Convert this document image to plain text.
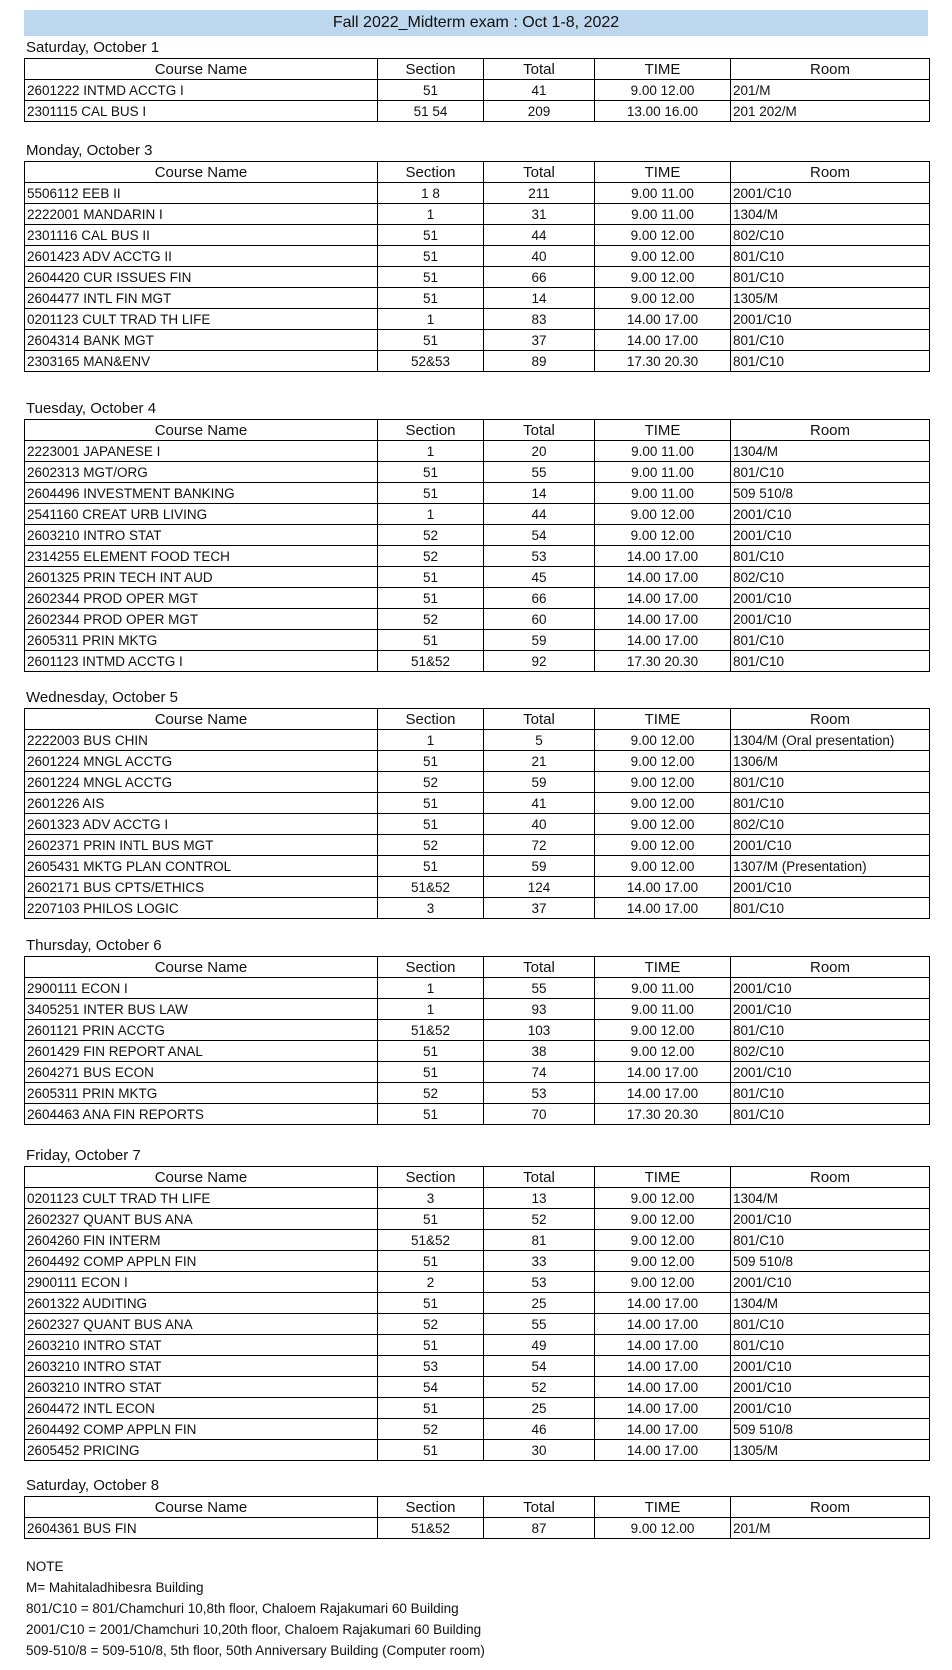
Fall 2022_Midterm exam : Oct 1-8, 2022
Saturday, October 1
Course Name	Section	Total	TIME	Room
2601222 INTMD ACCTG I	51	41	9.00 12.00	201/M
2301115 CAL BUS I	51 54	209	13.00 16.00	201 202/M
Monday, October 3
Course Name	Section	Total	TIME	Room
5506112 EEB II	1 8	211	9.00 11.00	2001/C10
2222001 MANDARIN I	1	31	9.00 11.00	1304/M
2301116 CAL BUS II	51	44	9.00 12.00	802/C10
2601423 ADV ACCTG II	51	40	9.00 12.00	801/C10
2604420 CUR ISSUES FIN	51	66	9.00 12.00	801/C10
2604477 INTL FIN MGT	51	14	9.00 12.00	1305/M
0201123 CULT TRAD TH LIFE	1	83	14.00 17.00	2001/C10
2604314 BANK MGT	51	37	14.00 17.00	801/C10
2303165 MAN&ENV	52&53	89	17.30 20.30	801/C10
Tuesday, October 4
Course Name	Section	Total	TIME	Room
2223001 JAPANESE I	1	20	9.00 11.00	1304/M
2602313 MGT/ORG	51	55	9.00 11.00	801/C10
2604496 INVESTMENT BANKING	51	14	9.00 11.00	509 510/8
2541160 CREAT URB LIVING	1	44	9.00 12.00	2001/C10
2603210 INTRO STAT	52	54	9.00 12.00	2001/C10
2314255 ELEMENT FOOD TECH	52	53	14.00 17.00	801/C10
2601325 PRIN TECH INT AUD	51	45	14.00 17.00	802/C10
2602344 PROD OPER MGT	51	66	14.00 17.00	2001/C10
2602344 PROD OPER MGT	52	60	14.00 17.00	2001/C10
2605311 PRIN MKTG	51	59	14.00 17.00	801/C10
2601123 INTMD ACCTG I	51&52	92	17.30 20.30	801/C10
Wednesday, October 5
Course Name	Section	Total	TIME	Room
2222003 BUS CHIN	1	5	9.00 12.00	1304/M (Oral presentation)
2601224 MNGL ACCTG	51	21	9.00 12.00	1306/M
2601224 MNGL ACCTG	52	59	9.00 12.00	801/C10
2601226 AIS	51	41	9.00 12.00	801/C10
2601323 ADV ACCTG I	51	40	9.00 12.00	802/C10
2602371 PRIN INTL BUS MGT	52	72	9.00 12.00	2001/C10
2605431 MKTG PLAN CONTROL	51	59	9.00 12.00	1307/M (Presentation)
2602171 BUS CPTS/ETHICS	51&52	124	14.00 17.00	2001/C10
2207103 PHILOS LOGIC	3	37	14.00 17.00	801/C10
Thursday, October 6
Course Name	Section	Total	TIME	Room
2900111 ECON I	1	55	9.00 11.00	2001/C10
3405251 INTER BUS LAW	1	93	9.00 11.00	2001/C10
2601121 PRIN ACCTG	51&52	103	9.00 12.00	801/C10
2601429 FIN REPORT ANAL	51	38	9.00 12.00	802/C10
2604271 BUS ECON	51	74	14.00 17.00	2001/C10
2605311 PRIN MKTG	52	53	14.00 17.00	801/C10
2604463 ANA FIN REPORTS	51	70	17.30 20.30	801/C10
Friday, October 7
Course Name	Section	Total	TIME	Room
0201123 CULT TRAD TH LIFE	3	13	9.00 12.00	1304/M
2602327 QUANT BUS ANA	51	52	9.00 12.00	2001/C10
2604260 FIN INTERM	51&52	81	9.00 12.00	801/C10
2604492 COMP APPLN FIN	51	33	9.00 12.00	509 510/8
2900111 ECON I	2	53	9.00 12.00	2001/C10
2601322 AUDITING	51	25	14.00 17.00	1304/M
2602327 QUANT BUS ANA	52	55	14.00 17.00	801/C10
2603210 INTRO STAT	51	49	14.00 17.00	801/C10
2603210 INTRO STAT	53	54	14.00 17.00	2001/C10
2603210 INTRO STAT	54	52	14.00 17.00	2001/C10
2604472 INTL ECON	51	25	14.00 17.00	2001/C10
2604492 COMP APPLN FIN	52	46	14.00 17.00	509 510/8
2605452 PRICING	51	30	14.00 17.00	1305/M
Saturday, October 8
Course Name	Section	Total	TIME	Room
2604361 BUS FIN	51&52	87	9.00 12.00	201/M
NOTE
M= Mahitaladhibesra Building
801/C10 = 801/Chamchuri 10,8th floor, Chaloem Rajakumari 60 Building
2001/C10 = 2001/Chamchuri 10,20th floor, Chaloem Rajakumari 60 Building
509-510/8 = 509-510/8, 5th floor, 50th Anniversary Building (Computer room)
